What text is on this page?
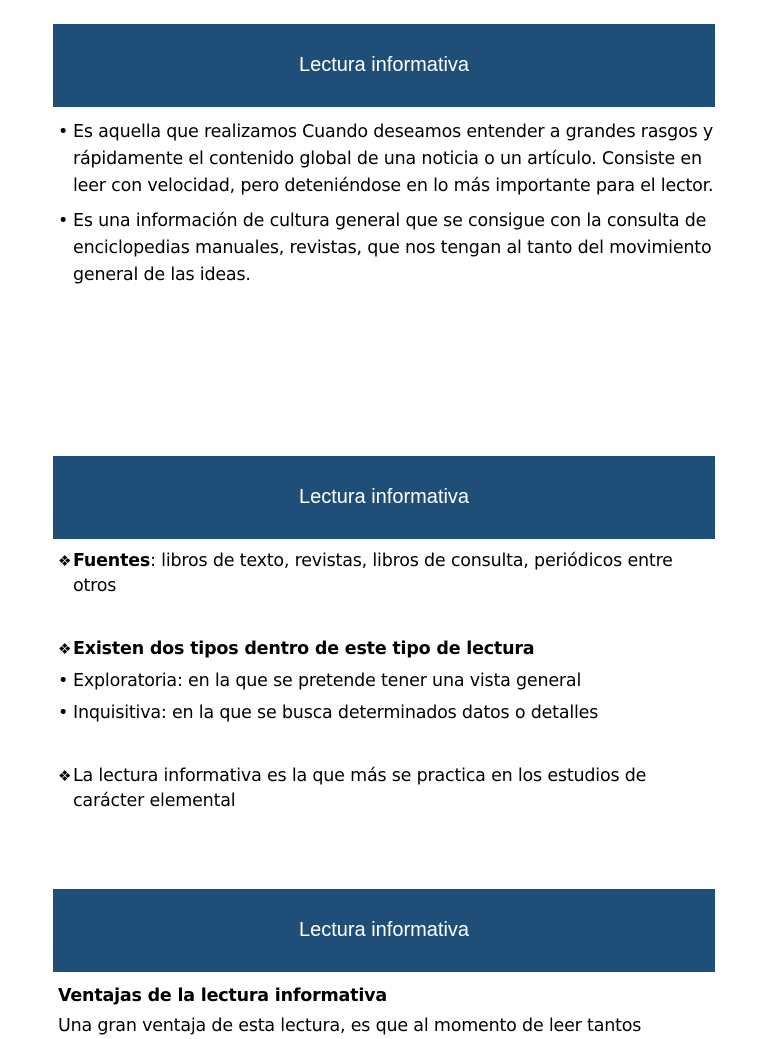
Lectura informativa
• Es aquella que realizamos Cuando deseamos entender a grandes rasgos y rápidamente el contenido global de una noticia o un artículo. Consiste en leer con velocidad, pero deteniéndose en lo más importante para el lector.
• Es una información de cultura general que se consigue con la consulta de enciclopedias manuales, revistas, que nos tengan al tanto del movimiento general de las ideas.
Lectura informativa
❖ Fuentes: libros de texto, revistas, libros de consulta, periódicos entre otros
❖ Existen dos tipos dentro de este tipo de lectura
• Exploratoria: en la que se pretende tener una vista general
• Inquisitiva: en la que se busca determinados datos o detalles
❖ La lectura informativa es la que más se practica en los estudios de carácter elemental
Lectura informativa
Ventajas de la lectura informativa
Una gran ventaja de esta lectura, es que al momento de leer tantos
